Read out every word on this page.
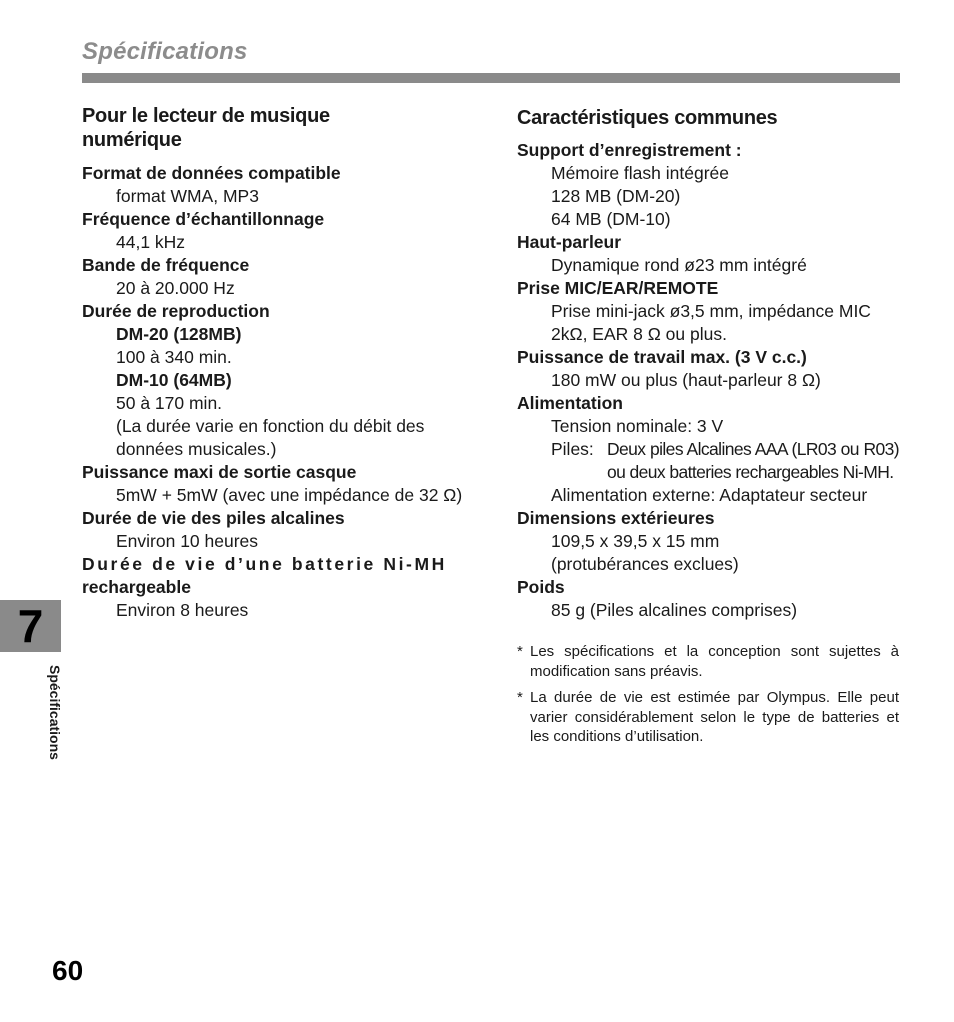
Spécifications
Pour le lecteur de musique numérique

Format de données compatible

format WMA, MP3

Fréquence d’échantillonnage

44,1 kHz

Bande de fréquence

20 à 20.000 Hz

Durée de reproduction

DM-20 (128MB)

100 à 340 min.

DM-10 (64MB)

50 à 170 min.

(La durée varie en fonction du débit des données musicales.)

Puissance maxi de sortie casque

5mW + 5mW (avec une impédance de 32 Ω)

Durée de vie des piles alcalines

Environ 10 heures

Durée de vie d’une batterie Ni-MH

rechargeable

Environ 8 heures

Caractéristiques communes

Support d’enregistrement :

Mémoire flash intégrée

128 MB (DM-20)

64 MB (DM-10)

Haut-parleur

Dynamique rond ø23 mm intégré

Prise MIC/EAR/REMOTE

Prise mini-jack ø3,5 mm, impédance MIC 2kΩ, EAR 8 Ω ou plus.

Puissance de travail max. (3 V c.c.)

180 mW ou plus (haut-parleur 8 Ω)

Alimentation

Tension nominale: 3 V

Piles: Deux piles Alcalines AAA (LR03 ou R03) ou deux batteries rechargeables Ni-MH.

Alimentation externe: Adaptateur secteur

Dimensions extérieures

109,5 x 39,5 x 15 mm

(protubérances exclues)

Poids

85 g (Piles alcalines comprises)

* Les spécifications et la conception sont sujettes à modification sans préavis.
* La durée de vie est estimée par Olympus. Elle peut varier considérablement selon le type de batteries et les conditions d’utilisation.
7
Spécifications
60
